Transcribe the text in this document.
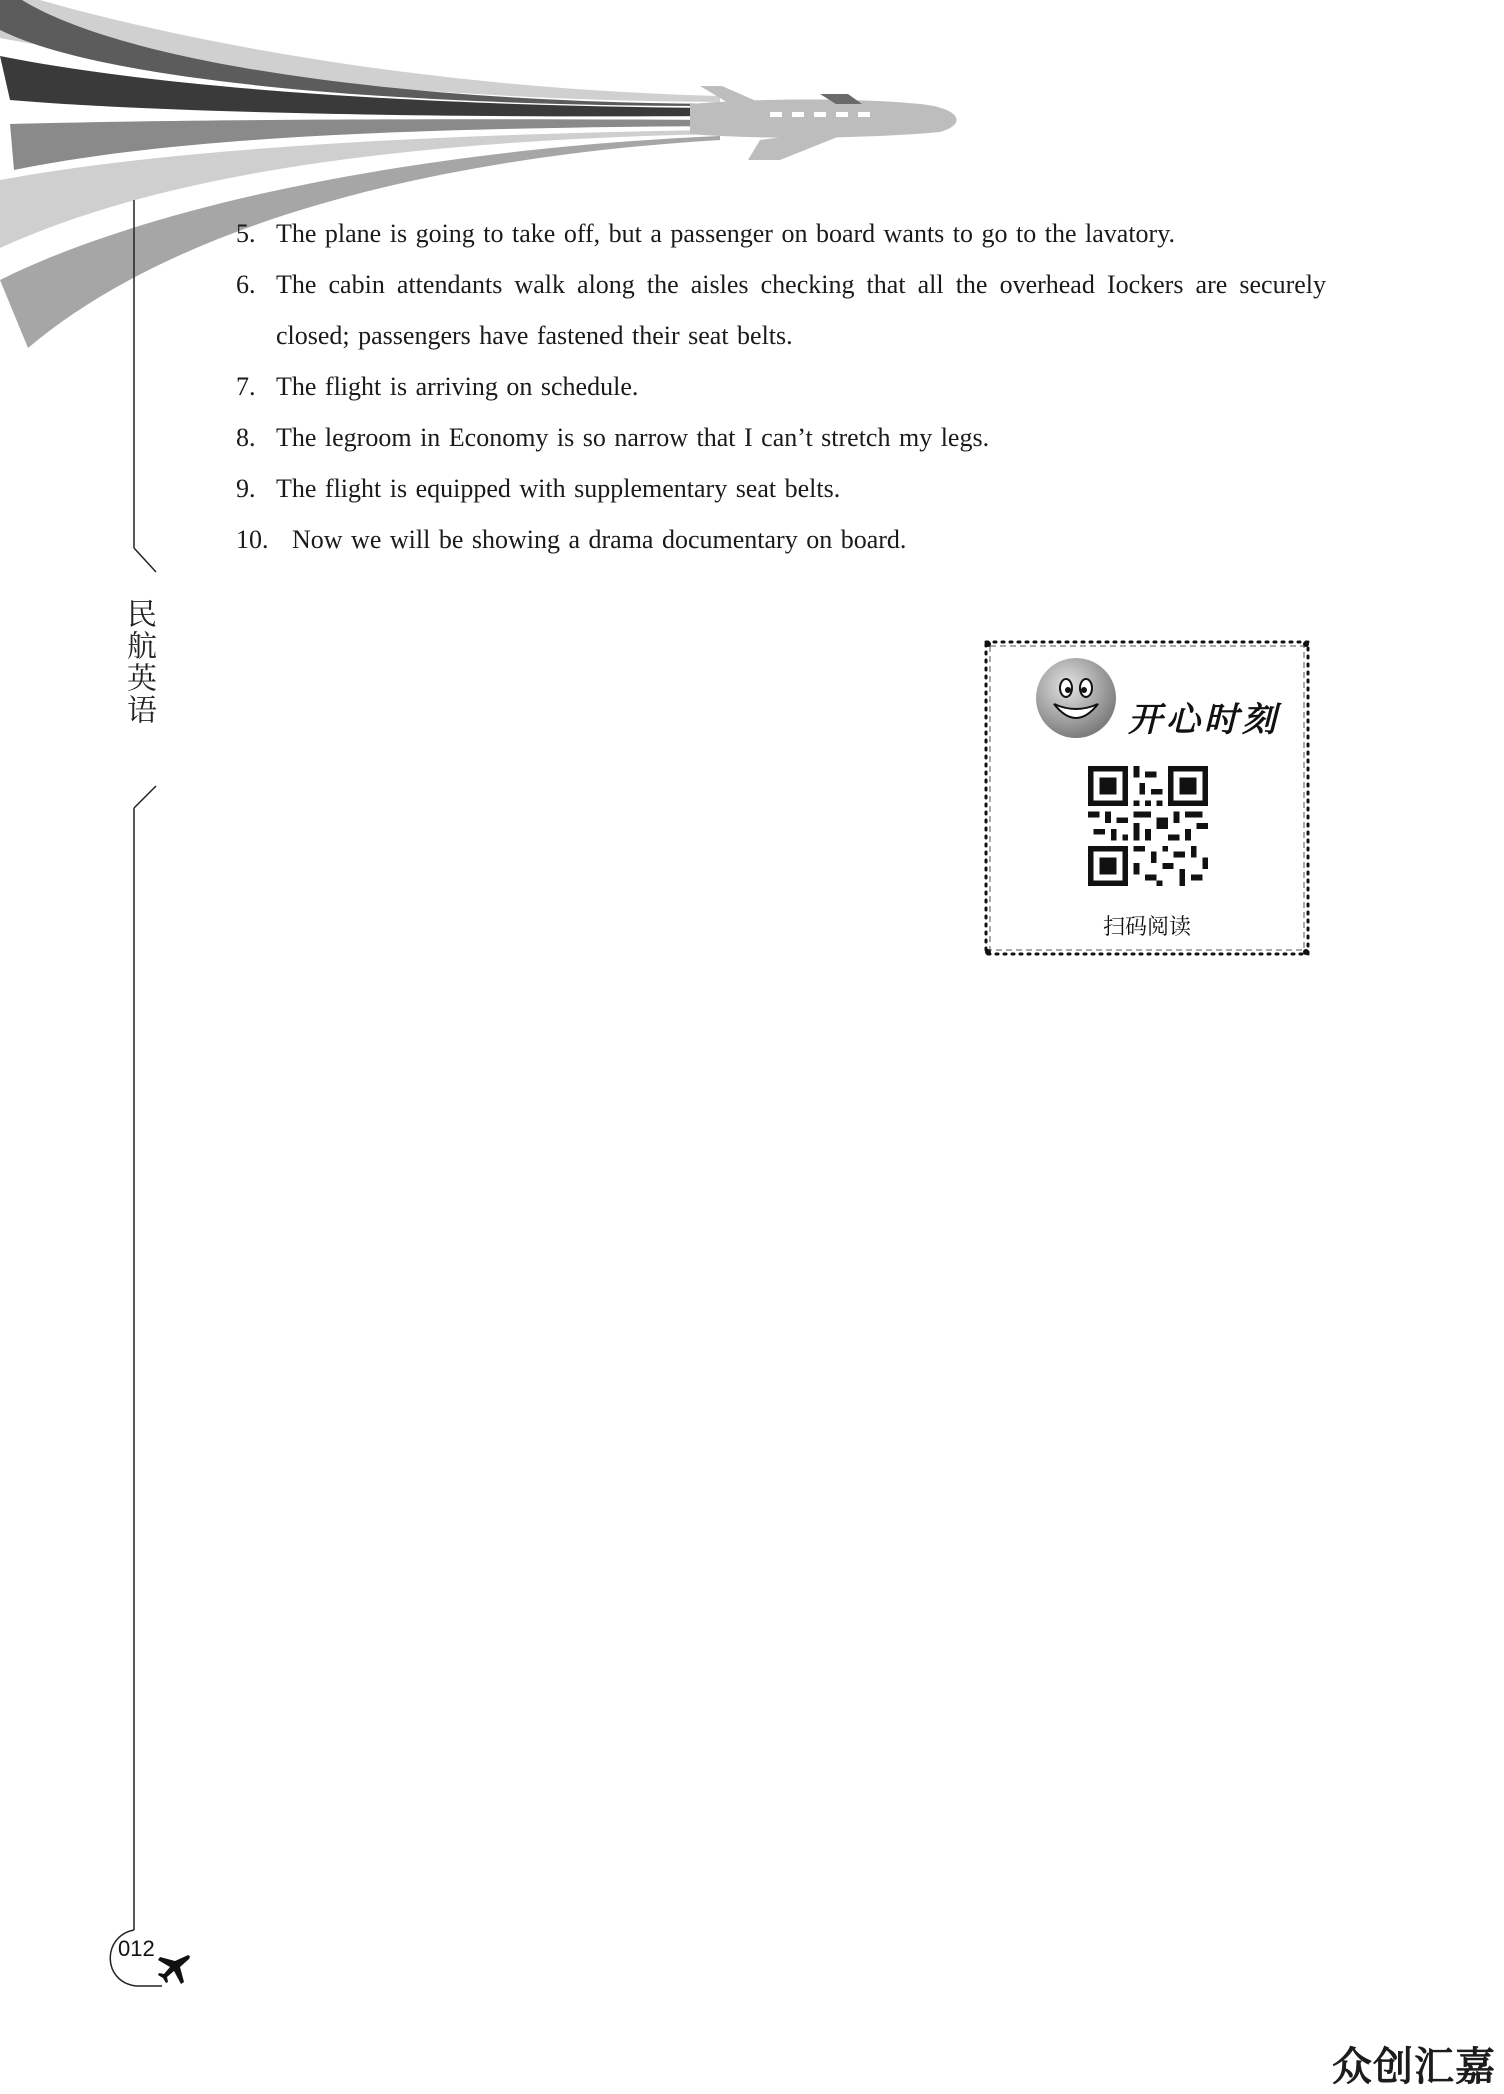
民航英语
5. The plane is going to take off, but a passenger on board wants to go to the lavatory.
6. The cabin attendants walk along the aisles checking that all the overhead Iockers are securely closed; passengers have fastened their seat belts.
7. The flight is arriving on schedule.
8. The legroom in Economy is so narrow that I can’t stretch my legs.
9. The flight is equipped with supplementary seat belts.
10. Now we will be showing a drama documentary on board.
开心时刻
扫码阅读
012
众创汇嘉
